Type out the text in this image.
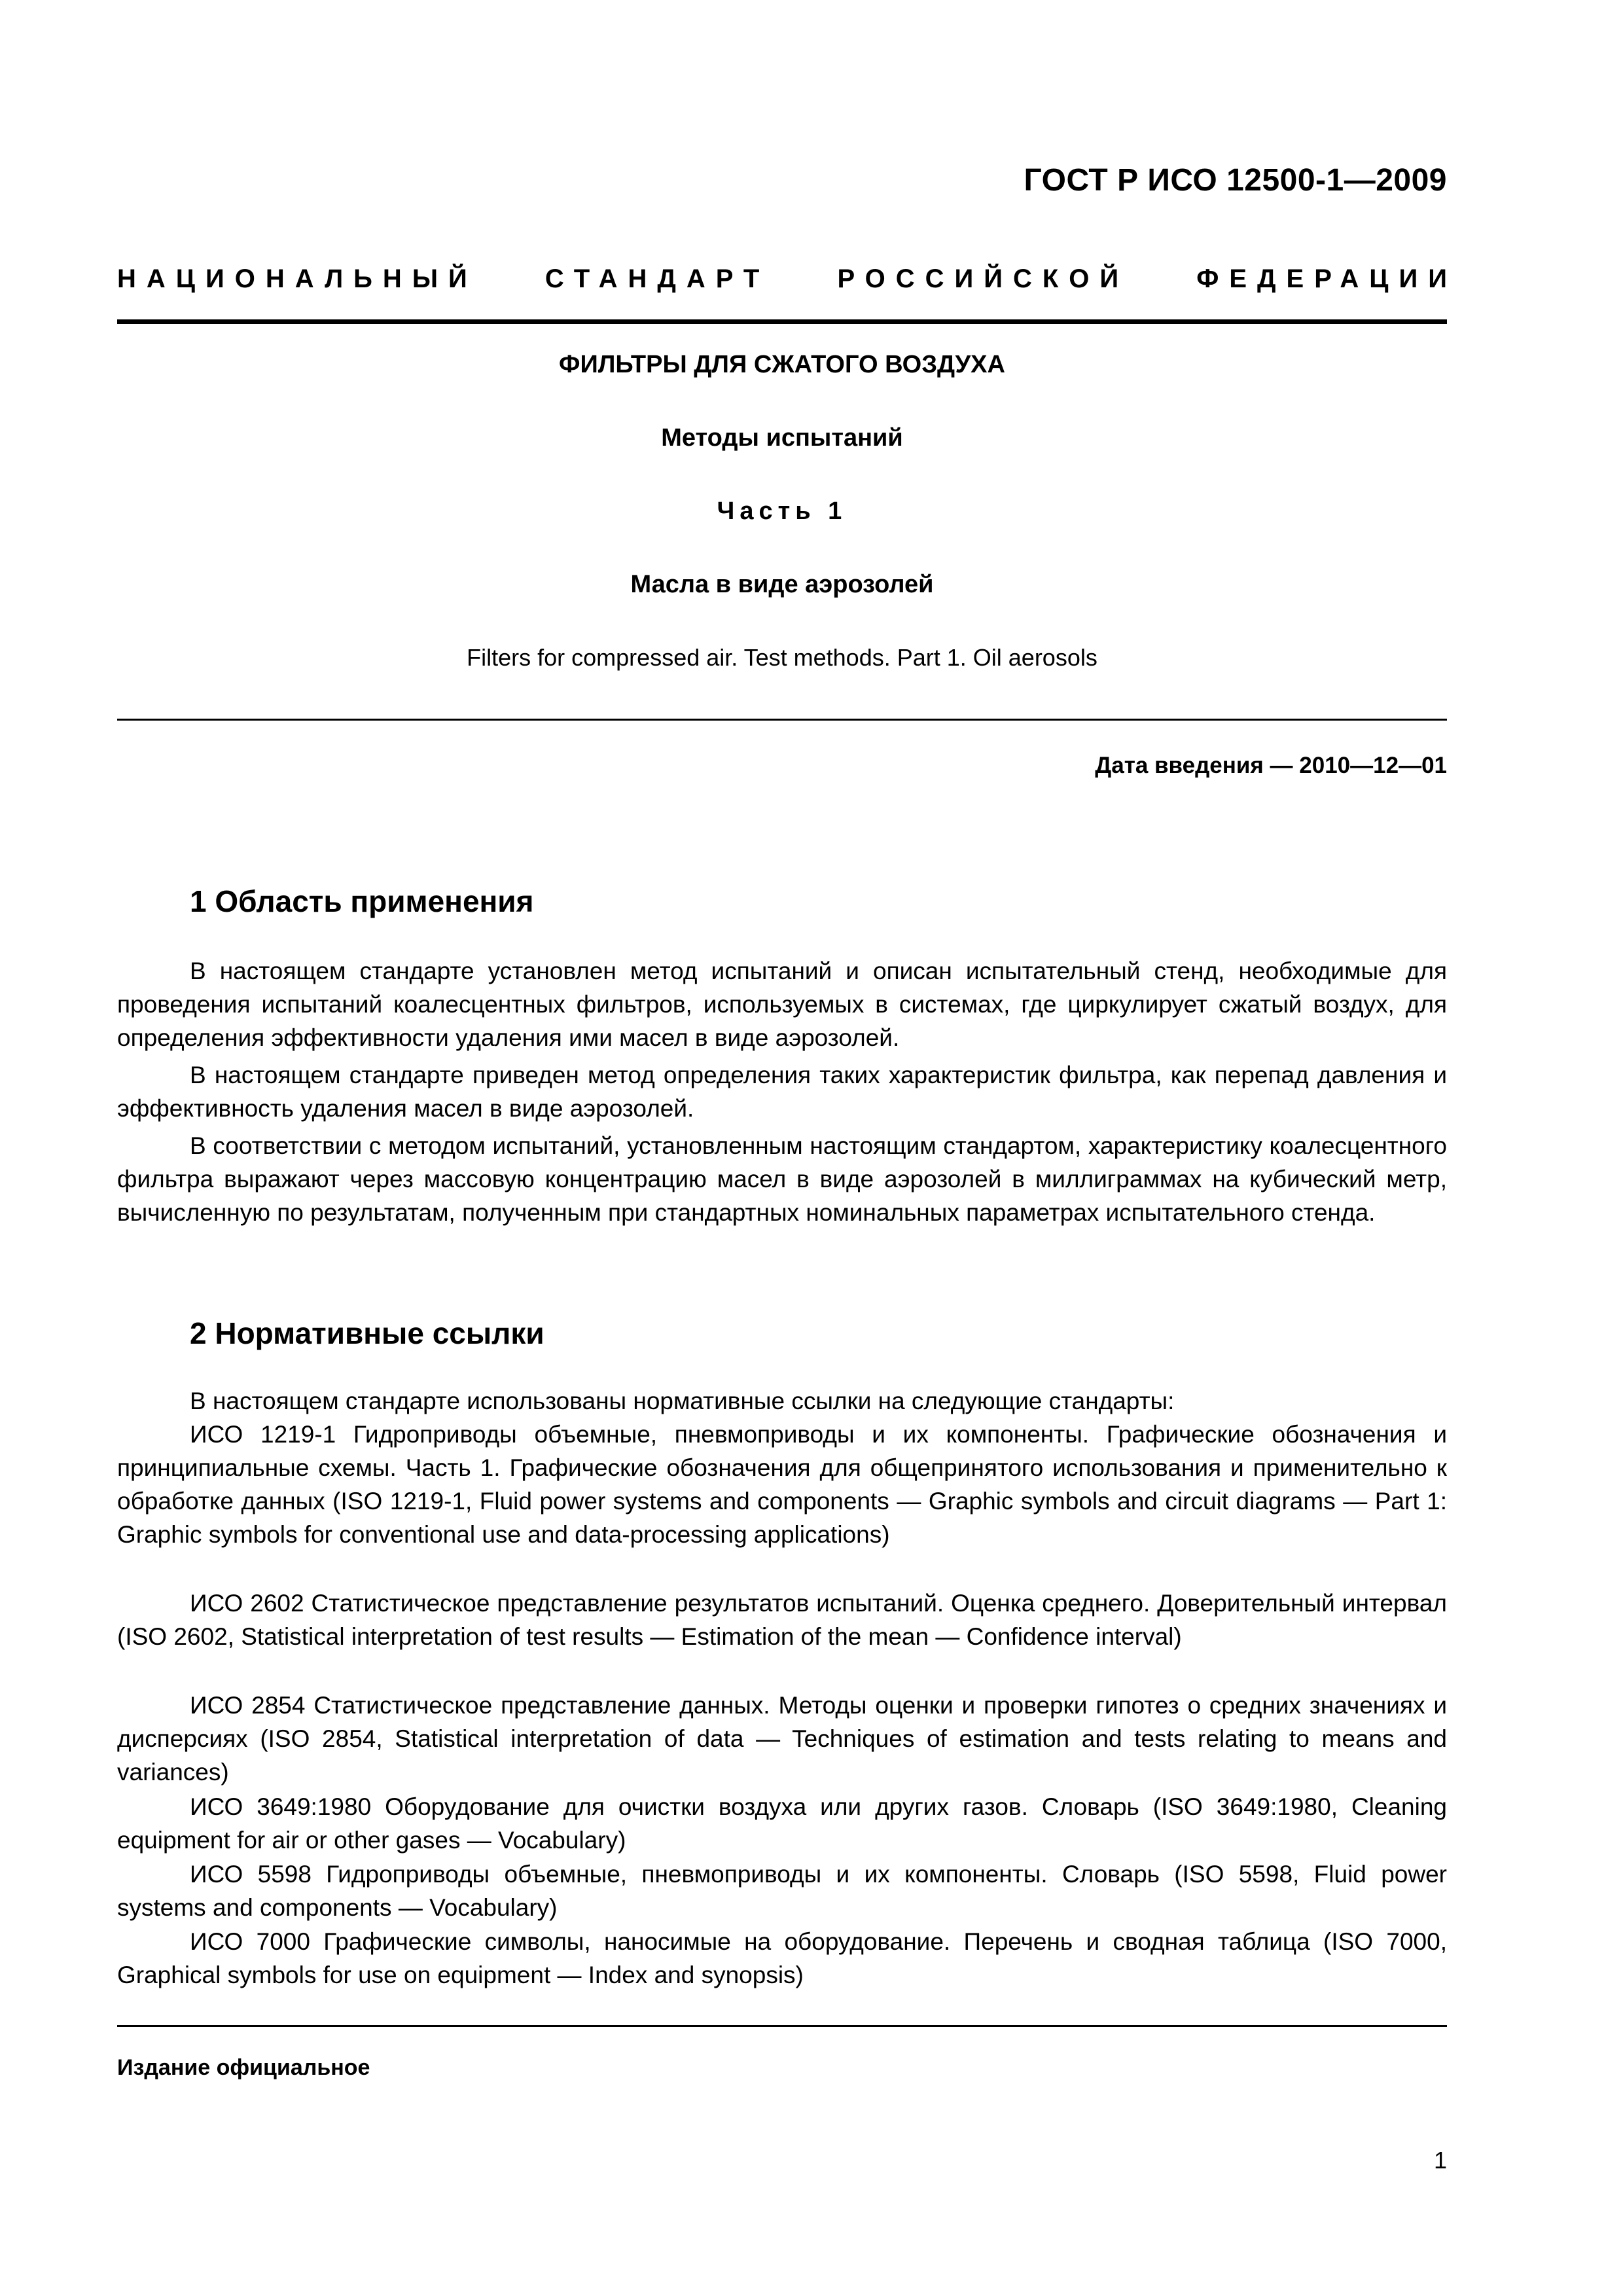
ГОСТ Р ИСО 12500-1—2009
НАЦИОНАЛЬНЫЙ	СТАНДАРТ	РОССИЙСКОЙ	ФЕДЕРАЦИИ
ФИЛЬТРЫ ДЛЯ СЖАТОГО ВОЗДУХА
Методы испытаний
Часть 1
Масла в виде аэрозолей
Filters for compressed air. Test methods. Part 1. Oil aerosols
Дата введения — 2010—12—01
1 Область применения
В настоящем стандарте установлен метод испытаний и описан испытательный стенд, необходимые для проведения испытаний коалесцентных фильтров, используемых в системах, где циркулирует сжатый воздух, для определения эффективности удаления ими масел в виде аэрозолей.
В настоящем стандарте приведен метод определения таких характеристик фильтра, как перепад давления и эффективность удаления масел в виде аэрозолей.
В соответствии с методом испытаний, установленным настоящим стандартом, характеристику коалесцентного фильтра выражают через массовую концентрацию масел в виде аэрозолей в миллиграммах на кубический метр, вычисленную по результатам, полученным при стандартных номинальных параметрах испытательного стенда.
2 Нормативные ссылки
В настоящем стандарте использованы нормативные ссылки на следующие стандарты:
ИСО 1219-1 Гидроприводы объемные, пневмоприводы и их компоненты. Графические обозначения и принципиальные схемы. Часть 1. Графические обозначения для общепринятого использования и применительно к обработке данных (ISO 1219-1, Fluid power systems and components — Graphic symbols and circuit diagrams — Part 1: Graphic symbols for conventional use and data-processing applications)
ИСО 2602 Статистическое представление результатов испытаний. Оценка среднего. Доверительный интервал (ISO 2602, Statistical interpretation of test results — Estimation of the mean — Confidence interval)
ИСО 2854 Статистическое представление данных. Методы оценки и проверки гипотез о средних значениях и дисперсиях (ISO 2854, Statistical interpretation of data — Techniques of estimation and tests relating to means and variances)
ИСО 3649:1980 Оборудование для очистки воздуха или других газов. Словарь (ISO 3649:1980, Cleaning equipment for air or other gases — Vocabulary)
ИСО 5598 Гидроприводы объемные, пневмоприводы и их компоненты. Словарь (ISO 5598, Fluid power systems and components — Vocabulary)
ИСО 7000 Графические символы, наносимые на оборудование. Перечень и сводная таблица (ISO 7000, Graphical symbols for use on equipment — Index and synopsis)
Издание официальное
1
